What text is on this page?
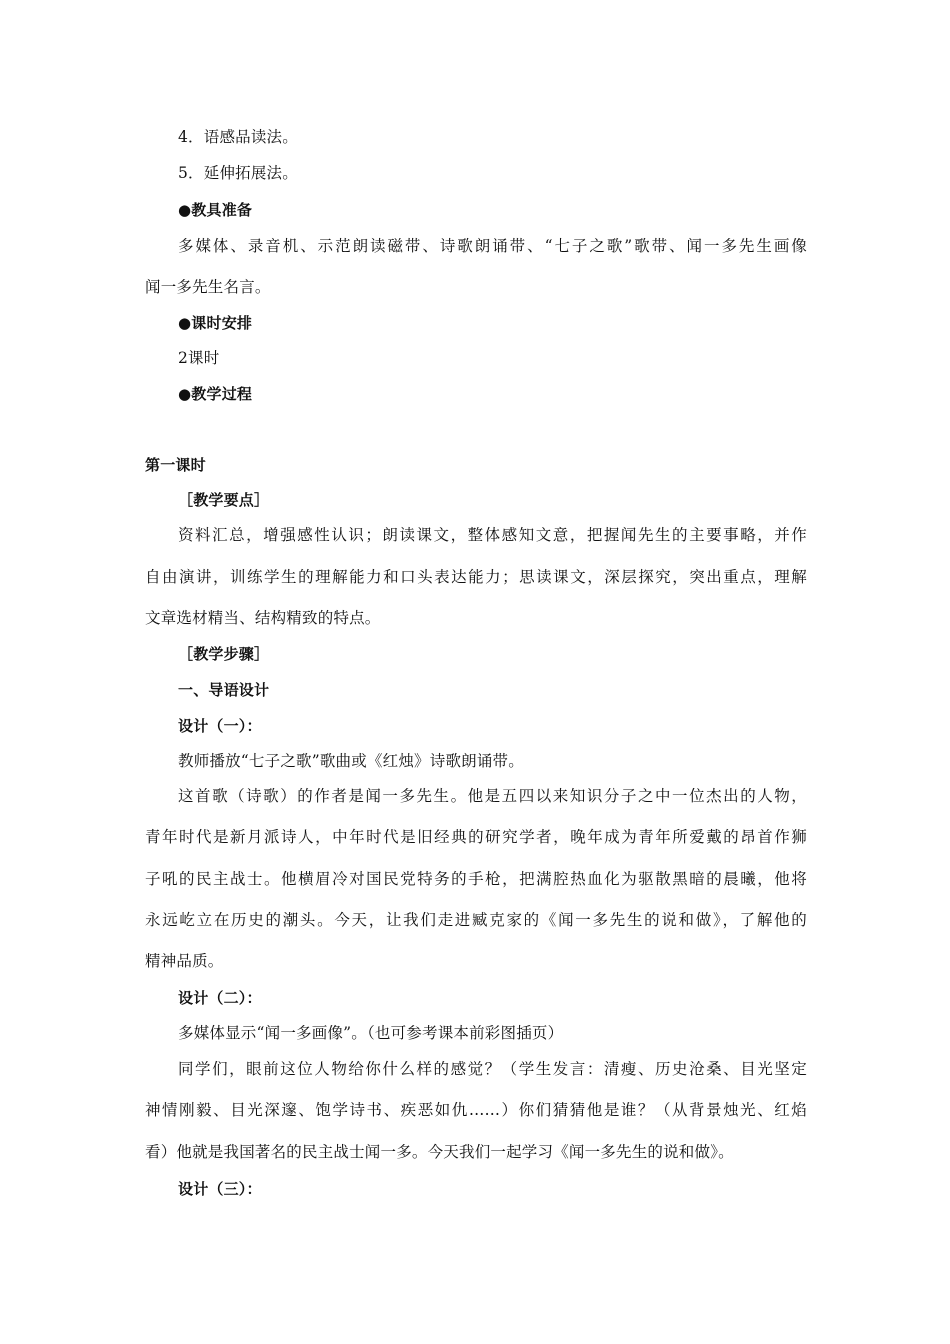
4．语感品读法。
5．延伸拓展法。
●教具准备
多媒体、录音机、示范朗读磁带、诗歌朗诵带、“七子之歌”歌带、闻一多先生画像
闻一多先生名言。
●课时安排
2课时
●教学过程
第一课时
［教学要点］
资料汇总，增强感性认识；朗读课文，整体感知文意，把握闻先生的主要事略，并作
自由演讲，训练学生的理解能力和口头表达能力；思读课文，深层探究，突出重点，理解
文章选材精当、结构精致的特点。
［教学步骤］
一、导语设计
设计（一）：
教师播放“七子之歌”歌曲或《红烛》诗歌朗诵带。
这首歌（诗歌）的作者是闻一多先生。他是五四以来知识分子之中一位杰出的人物，
青年时代是新月派诗人，中年时代是旧经典的研究学者，晚年成为青年所爱戴的昂首作狮
子吼的民主战士。他横眉冷对国民党特务的手枪，把满腔热血化为驱散黑暗的晨曦，他将
永远屹立在历史的潮头。今天，让我们走进臧克家的《闻一多先生的说和做》，了解他的
精神品质。
设计（二）：
多媒体显示“闻一多画像”。（也可参考课本前彩图插页）
同学们，眼前这位人物给你什么样的感觉？（学生发言：清瘦、历史沧桑、目光坚定
神情刚毅、目光深邃、饱学诗书、疾恶如仇……）你们猜猜他是谁？（从背景烛光、红焰
看）他就是我国著名的民主战士闻一多。今天我们一起学习《闻一多先生的说和做》。
设计（三）：
